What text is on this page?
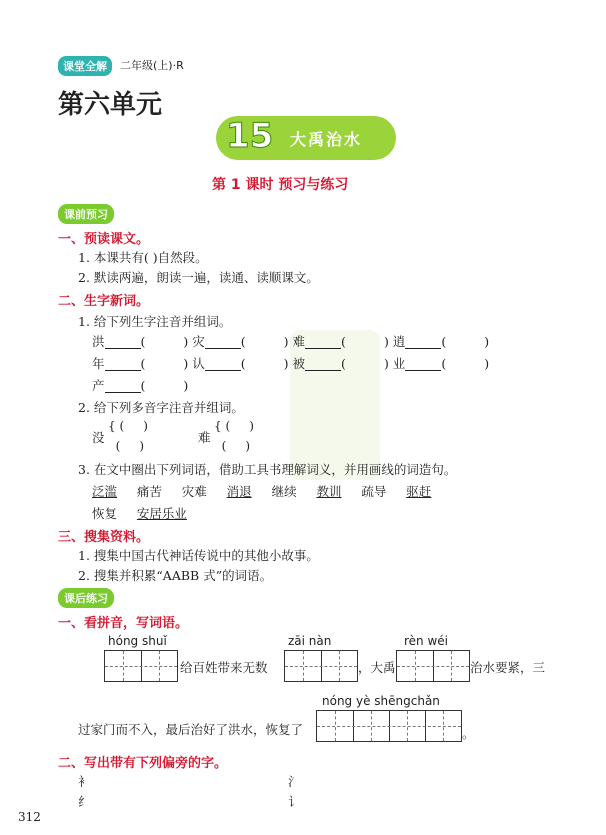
课堂全解	二年级(上)·R
第六单元
15 大禹治水
第 1 课时 预习与练习
课前预习
一、预读课文。
1. 本课共有( )自然段。
2. 默读两遍，朗读一遍，读通、读顺课文。
二、生字新词。
1. 给下列生字注音并组词。
洪	(	) 灾	(	) 难	(	) 逍	(	)
年	(	) 认	(	) 被	(	) 业	(	)
产	(	)
2. 给下列多音字注音并组词。
没
{ (     )
(     )
难
{ (     )
(     )
3. 在文中圈出下列词语，借助工具书理解词义，并用画线的词造句。
泛滥 痛苦 灾难 消退 继续 教训 疏导 驱赶
恢复 安居乐业
三、搜集资料。
1. 搜集中国古代神话传说中的其他小故事。
2. 搜集并积累“AABB 式”的词语。
课后练习
一、看拼音，写词语。
hóng shuǐ
给百姓带来无数
zāi nàn
，大禹
rèn wéi
治水要紧，三
nóng yè shēngchǎn
过家门而不入，最后治好了洪水，恢复了	。
二、写出带有下列偏旁的字。
衤	氵
纟	讠
312
